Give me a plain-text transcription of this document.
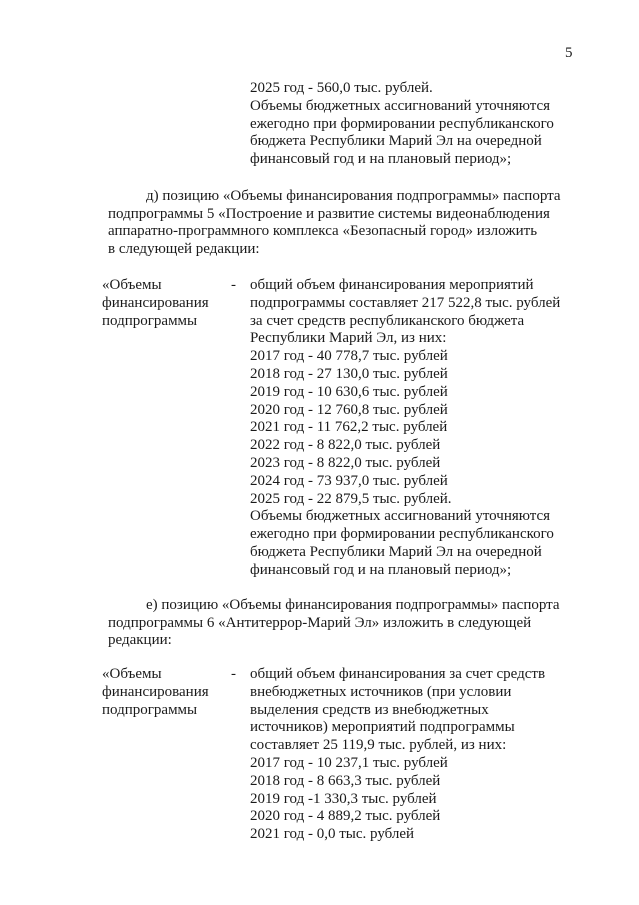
5
2025 год - 560,0 тыс. рублей.
Объемы бюджетных ассигнований уточняются
ежегодно при формировании республиканского
бюджета Республики Марий Эл на очередной
финансовый год и на плановый период»;
д) позицию «Объемы финансирования подпрограммы» паспорта
подпрограммы 5 «Построение и развитие системы видеонаблюдения
аппаратно-программного комплекса «Безопасный город» изложить
в следующей редакции:
«Объемы
финансирования
подпрограммы
- общий объем финансирования мероприятий
подпрограммы составляет 217 522,8 тыс. рублей
за счет средств республиканского бюджета
Республики Марий Эл, из них:
2017 год - 40 778,7 тыс. рублей
2018 год - 27 130,0 тыс. рублей
2019 год - 10 630,6 тыс. рублей
2020 год - 12 760,8 тыс. рублей
2021 год - 11 762,2 тыс. рублей
2022 год - 8 822,0 тыс. рублей
2023 год - 8 822,0 тыс. рублей
2024 год - 73 937,0 тыс. рублей
2025 год - 22 879,5 тыс. рублей.
Объемы бюджетных ассигнований уточняются
ежегодно при формировании республиканского
бюджета Республики Марий Эл на очередной
финансовый год и на плановый период»;
е) позицию «Объемы финансирования подпрограммы» паспорта
подпрограммы 6 «Антитеррор-Марий Эл» изложить в следующей
редакции:
«Объемы
финансирования
подпрограммы
- общий объем финансирования за счет средств
внебюджетных источников (при условии
выделения средств из внебюджетных
источников) мероприятий подпрограммы
составляет 25 119,9 тыс. рублей, из них:
2017 год - 10 237,1 тыс. рублей
2018 год - 8 663,3 тыс. рублей
2019 год -1 330,3 тыс. рублей
2020 год - 4 889,2 тыс. рублей
2021 год - 0,0 тыс. рублей
